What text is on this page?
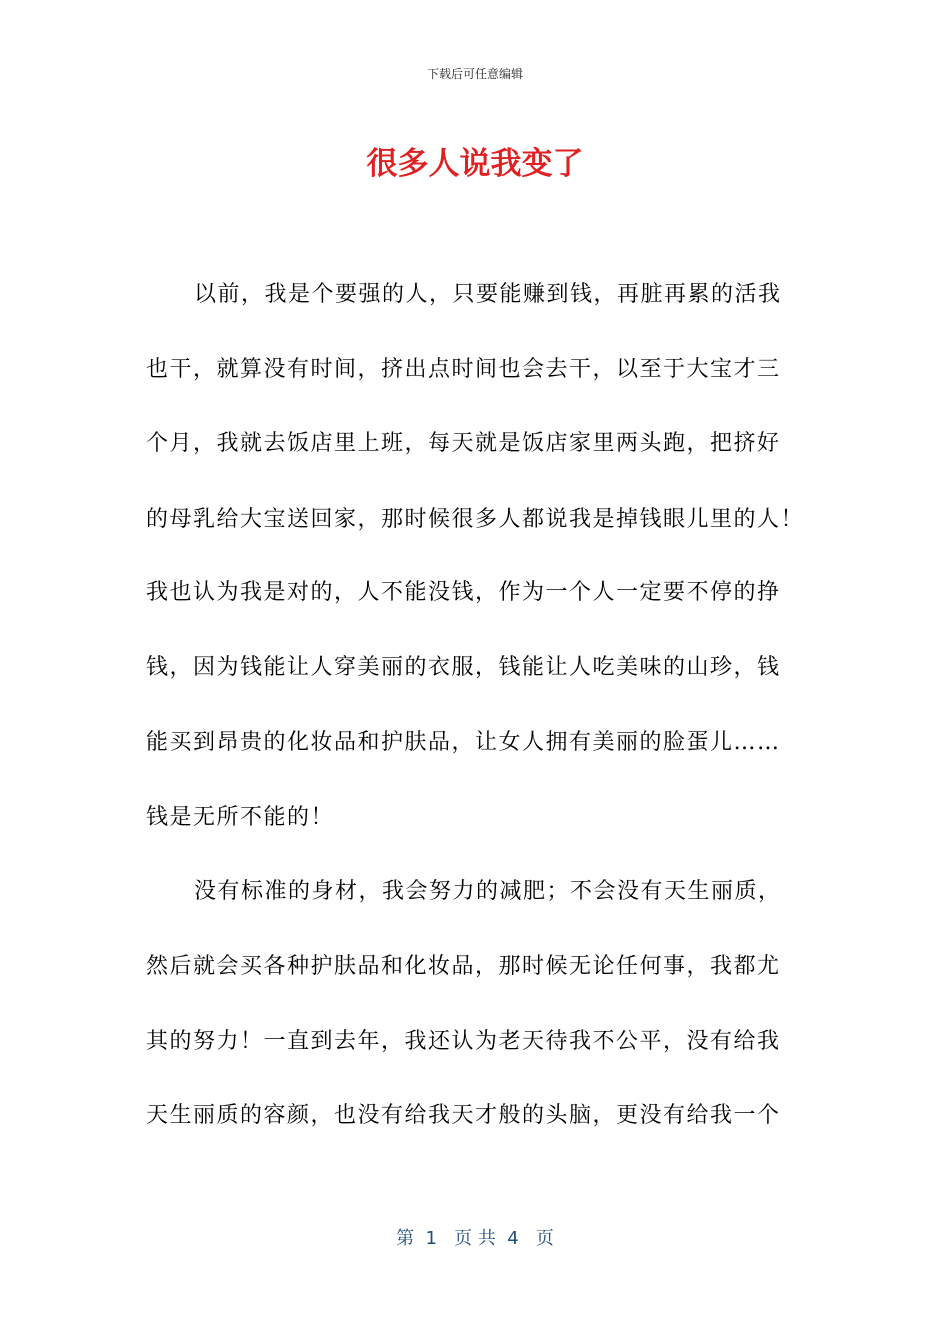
下载后可任意编辑
很多人说我变了
以前，我是个要强的人，只要能赚到钱，再脏再累的活我
也干，就算没有时间，挤出点时间也会去干，以至于大宝才三
个月，我就去饭店里上班，每天就是饭店家里两头跑，把挤好
的母乳给大宝送回家，那时候很多人都说我是掉钱眼儿里的人！
我也认为我是对的，人不能没钱，作为一个人一定要不停的挣
钱，因为钱能让人穿美丽的衣服，钱能让人吃美味的山珍，钱
能买到昂贵的化妆品和护肤品，让女人拥有美丽的脸蛋儿……
钱是无所不能的！
没有标准的身材，我会努力的减肥；不会没有天生丽质，
然后就会买各种护肤品和化妆品，那时候无论任何事，我都尤
其的努力！一直到去年，我还认为老天待我不公平，没有给我
天生丽质的容颜，也没有给我天才般的头脑，更没有给我一个
第  1   页 共  4   页
